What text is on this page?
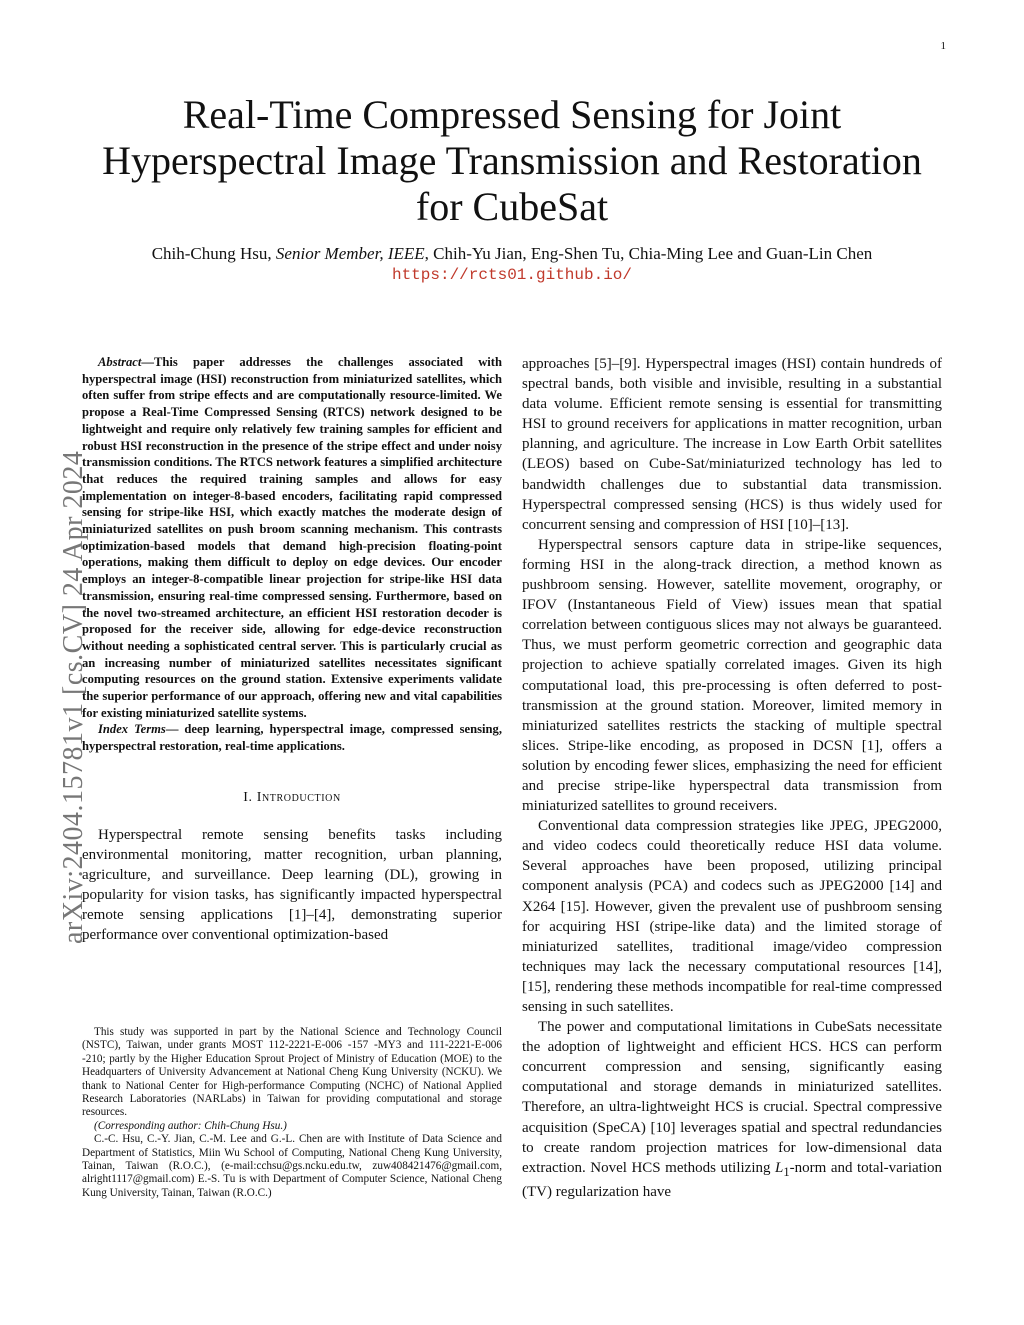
1
Real-Time Compressed Sensing for Joint Hyperspectral Image Transmission and Restoration for CubeSat
Chih-Chung Hsu, Senior Member, IEEE, Chih-Yu Jian, Eng-Shen Tu, Chia-Ming Lee and Guan-Lin Chen
https://rcts01.github.io/
arXiv:2404.15781v1 [cs.CV] 24 Apr 2024

Abstract—This paper addresses the challenges associated with hyperspectral image (HSI) reconstruction from miniaturized satellites, which often suffer from stripe effects and are computationally resource-limited. We propose a Real-Time Compressed Sensing (RTCS) network designed to be lightweight and require only relatively few training samples for efficient and robust HSI reconstruction in the presence of the stripe effect and under noisy transmission conditions. The RTCS network features a simplified architecture that reduces the required training samples and allows for easy implementation on integer-8-based encoders, facilitating rapid compressed sensing for stripe-like HSI, which exactly matches the moderate design of miniaturized satellites on push broom scanning mechanism. This contrasts optimization-based models that demand high-precision floating-point operations, making them difficult to deploy on edge devices. Our encoder employs an integer-8-compatible linear projection for stripe-like HSI data transmission, ensuring real-time compressed sensing. Furthermore, based on the novel two-streamed architecture, an efficient HSI restoration decoder is proposed for the receiver side, allowing for edge-device reconstruction without needing a sophisticated central server. This is particularly crucial as an increasing number of miniaturized satellites necessitates significant computing resources on the ground station. Extensive experiments validate the superior performance of our approach, offering new and vital capabilities for existing miniaturized satellite systems.

Index Terms— deep learning, hyperspectral image, compressed sensing, hyperspectral restoration, real-time applications.

I. Introduction

Hyperspectral remote sensing benefits tasks including environmental monitoring, matter recognition, urban planning, agriculture, and surveillance. Deep learning (DL), growing in popularity for vision tasks, has significantly impacted hyperspectral remote sensing applications [1]–[4], demonstrating superior performance over conventional optimization-based

This study was supported in part by the National Science and Technology Council (NSTC), Taiwan, under grants MOST 112-2221-E-006 -157 -MY3 and 111-2221-E-006 -210; partly by the Higher Education Sprout Project of Ministry of Education (MOE) to the Headquarters of University Advancement at National Cheng Kung University (NCKU). We thank to National Center for High-performance Computing (NCHC) of National Applied Research Laboratories (NARLabs) in Taiwan for providing computational and storage resources.

(Corresponding author: Chih-Chung Hsu.)

C.-C. Hsu, C.-Y. Jian, C.-M. Lee and G.-L. Chen are with Institute of Data Science and Department of Statistics, Miin Wu School of Computing, National Cheng Kung University, Tainan, Taiwan (R.O.C.), (e-mail:cchsu@gs.ncku.edu.tw, zuw408421476@gmail.com, alright1117@gmail.com) E.-S. Tu is with Department of Computer Science, National Cheng Kung University, Tainan, Taiwan (R.O.C.)

approaches [5]–[9]. Hyperspectral images (HSI) contain hundreds of spectral bands, both visible and invisible, resulting in a substantial data volume. Efficient remote sensing is essential for transmitting HSI to ground receivers for applications in matter recognition, urban planning, and agriculture. The increase in Low Earth Orbit satellites (LEOS) based on Cube-Sat/miniaturized technology has led to bandwidth challenges due to substantial data transmission. Hyperspectral compressed sensing (HCS) is thus widely used for concurrent sensing and compression of HSI [10]–[13].

Hyperspectral sensors capture data in stripe-like sequences, forming HSI in the along-track direction, a method known as pushbroom sensing. However, satellite movement, orography, or IFOV (Instantaneous Field of View) issues mean that spatial correlation between contiguous slices may not always be guaranteed. Thus, we must perform geometric correction and geographic data projection to achieve spatially correlated images. Given its high computational load, this pre-processing is often deferred to post-transmission at the ground station. Moreover, limited memory in miniaturized satellites restricts the stacking of multiple spectral slices. Stripe-like encoding, as proposed in DCSN [1], offers a solution by encoding fewer slices, emphasizing the need for efficient and precise stripe-like hyperspectral data transmission from miniaturized satellites to ground receivers.

Conventional data compression strategies like JPEG, JPEG2000, and video codecs could theoretically reduce HSI data volume. Several approaches have been proposed, utilizing principal component analysis (PCA) and codecs such as JPEG2000 [14] and X264 [15]. However, given the prevalent use of pushbroom sensing for acquiring HSI (stripe-like data) and the limited storage of miniaturized satellites, traditional image/video compression techniques may lack the necessary computational resources [14], [15], rendering these methods incompatible for real-time compressed sensing in such satellites.

The power and computational limitations in CubeSats necessitate the adoption of lightweight and efficient HCS. HCS can perform concurrent compression and sensing, significantly easing computational and storage demands in miniaturized satellites. Therefore, an ultra-lightweight HCS is crucial. Spectral compressive acquisition (SpeCA) [10] leverages spatial and spectral redundancies to create random projection matrices for low-dimensional data extraction. Novel HCS methods utilizing $L_1$-norm and total-variation (TV) regularization have
